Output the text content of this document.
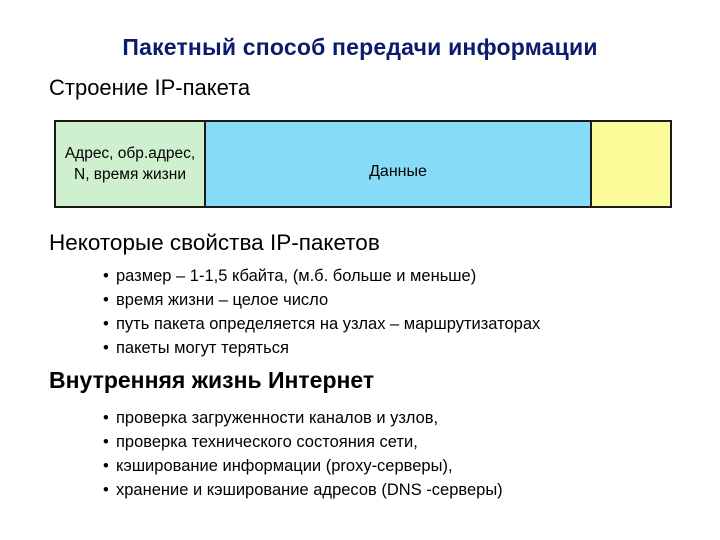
Пакетный способ передачи информации
Строение IP-пакета
Адрес, обр.адрес, N, время жизни	Данные
Некоторые свойства IP-пакетов
• размер – 1-1,5 кбайта, (м.б. больше и меньше)
• время жизни – целое число
• путь пакета определяется на узлах – маршрутизаторах
• пакеты могут теряться
Внутренняя жизнь Интернет
• проверка загруженности каналов и узлов,
• проверка технического состояния сети,
• кэширование информации (proxy-серверы),
• хранение и кэширование адресов (DNS -серверы)
